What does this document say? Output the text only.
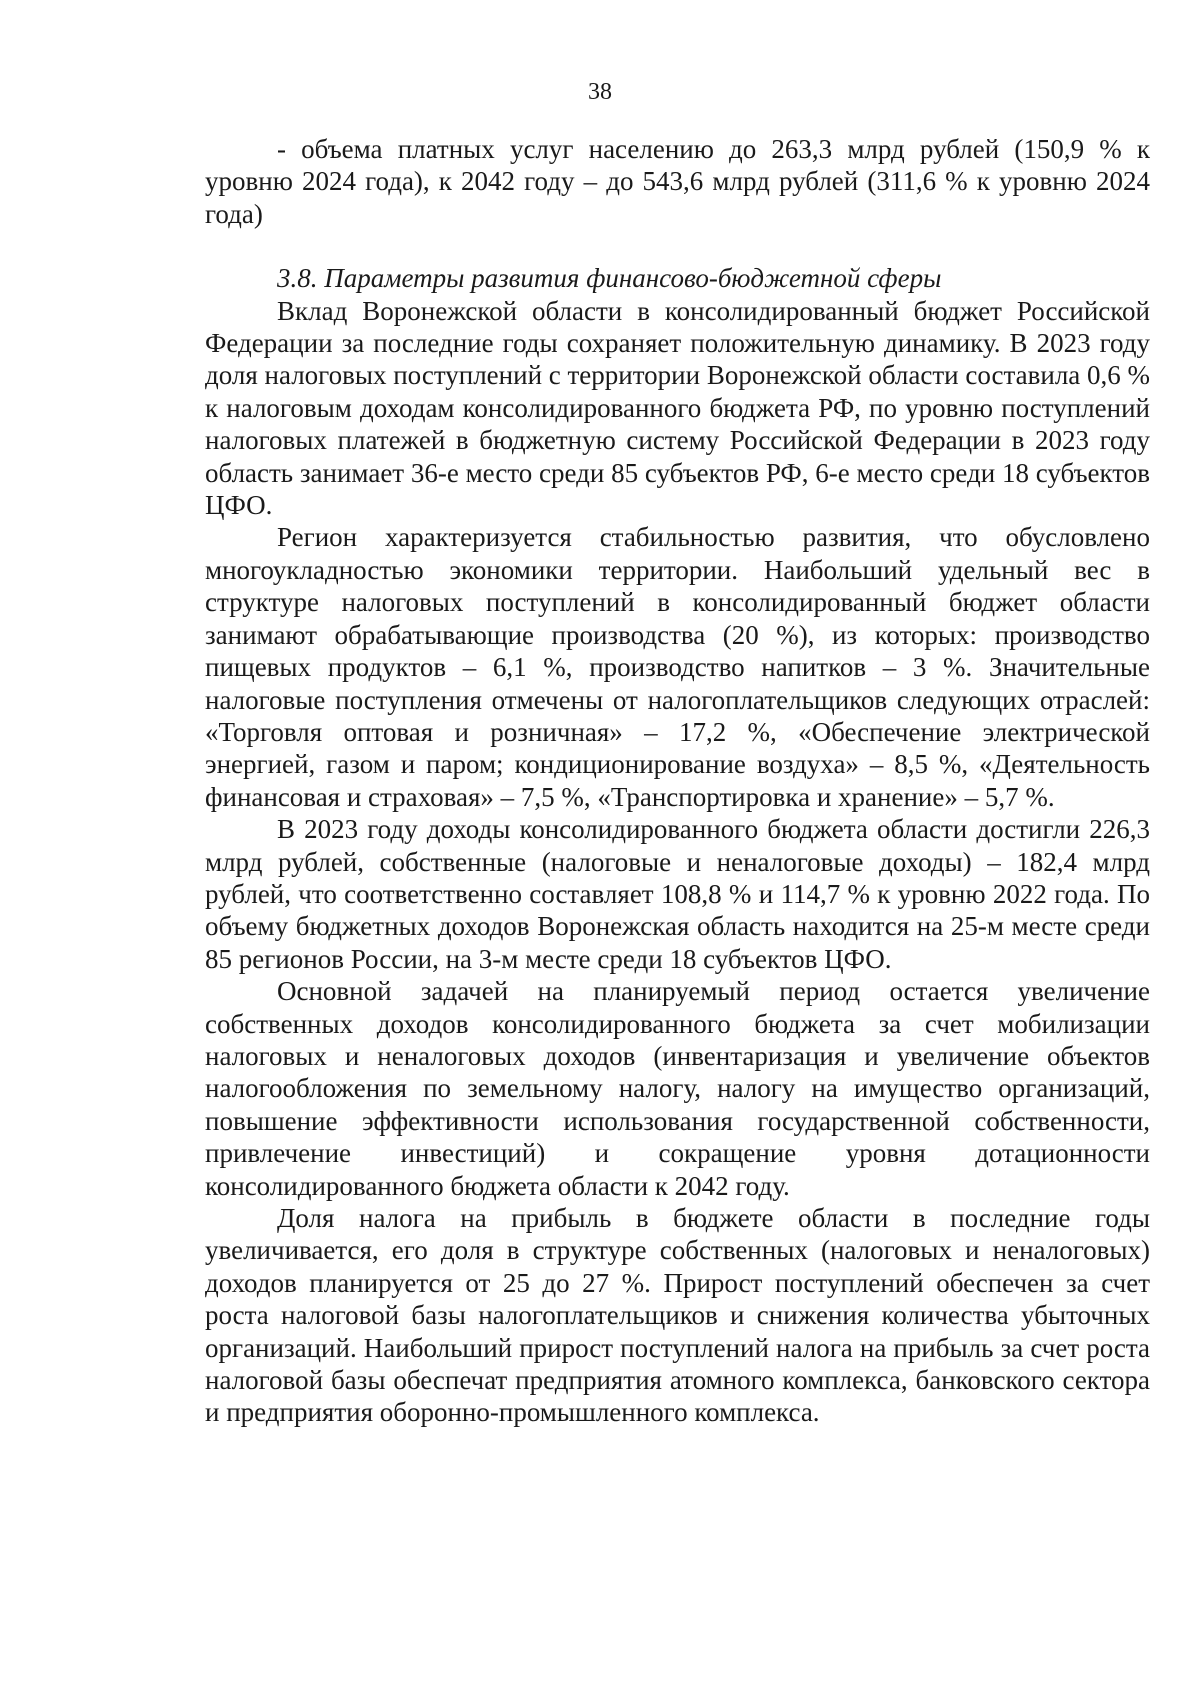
38

- объема платных услуг населению до 263,3 млрд рублей (150,9 % к уровню 2024 года), к 2042 году – до 543,6 млрд рублей (311,6 % к уровню 2024 года)

3.8. Параметры развития финансово-бюджетной сферы

Вклад Воронежской области в консолидированный бюджет Российской Федерации за последние годы сохраняет положительную динамику. В 2023 году доля налоговых поступлений с территории Воронежской области составила 0,6 % к налоговым доходам консолидированного бюджета РФ, по уровню поступлений налоговых платежей в бюджетную систему Российской Федерации в 2023 году область занимает 36-е место среди 85 субъектов РФ, 6-е место среди 18 субъектов ЦФО.

Регион характеризуется стабильностью развития, что обусловлено многоукладностью экономики территории. Наибольший удельный вес в структуре налоговых поступлений в консолидированный бюджет области занимают обрабатывающие производства (20 %), из которых: производство пищевых продуктов – 6,1 %, производство напитков – 3 %. Значительные налоговые поступления отмечены от налогоплательщиков следующих отраслей: «Торговля оптовая и розничная» – 17,2 %, «Обеспечение электрической энергией, газом и паром; кондиционирование воздуха» – 8,5 %, «Деятельность финансовая и страховая» – 7,5 %, «Транспортировка и хранение» – 5,7 %.

В 2023 году доходы консолидированного бюджета области достигли 226,3 млрд рублей, собственные (налоговые и неналоговые доходы) – 182,4 млрд рублей, что соответственно составляет 108,8 % и 114,7 % к уровню 2022 года. По объему бюджетных доходов Воронежская область находится на 25-м месте среди 85 регионов России, на 3-м месте среди 18 субъектов ЦФО.

Основной задачей на планируемый период остается увеличение собственных доходов консолидированного бюджета за счет мобилизации налоговых и неналоговых доходов (инвентаризация и увеличение объектов налогообложения по земельному налогу, налогу на имущество организаций, повышение эффективности использования государственной собственности, привлечение инвестиций) и сокращение уровня дотационности консолидированного бюджета области к 2042 году.

Доля налога на прибыль в бюджете области в последние годы увеличивается, его доля в структуре собственных (налоговых и неналоговых) доходов планируется от 25 до 27 %. Прирост поступлений обеспечен за счет роста налоговой базы налогоплательщиков и снижения количества убыточных организаций. Наибольший прирост поступлений налога на прибыль за счет роста налоговой базы обеспечат предприятия атомного комплекса, банковского сектора и предприятия оборонно-промышленного комплекса.
